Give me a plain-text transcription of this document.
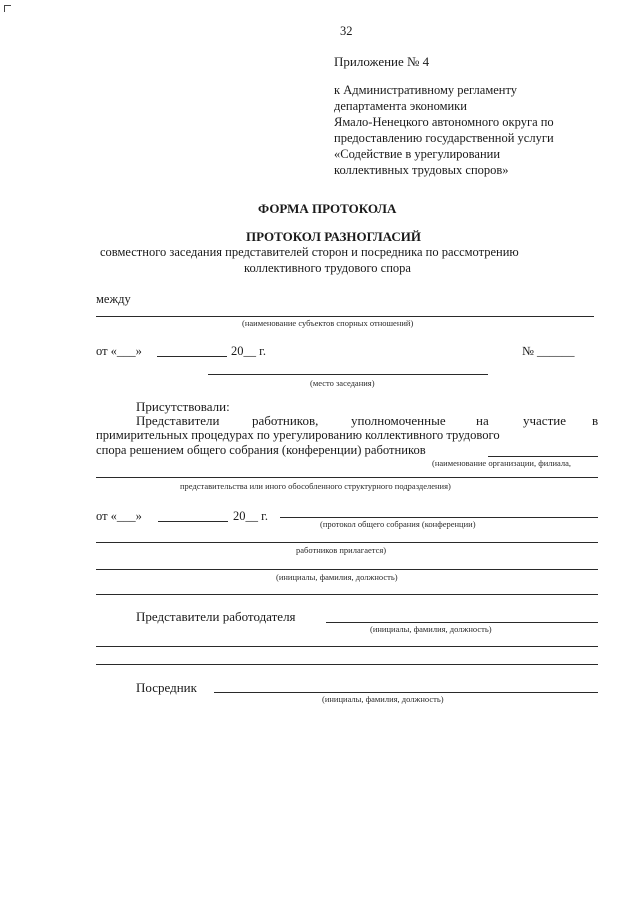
32
Приложение № 4
к Административному регламенту
департамента экономики
Ямало-Ненецкого автономного округа по
предоставлению государственной услуги
«Содействие в урегулировании
коллективных трудовых споров»
ФОРМА ПРОТОКОЛА
ПРОТОКОЛ РАЗНОГЛАСИЙ
совместного заседания представителей сторон и посредника по рассмотрению
коллективного трудового спора
между
(наименование субъектов спорных отношений)
от «___»	20__ г.	№ ______
(место заседания)
Присутствовали:
Представители	работников,	уполномоченные на	участие в
примирительных процедурах по урегулированию коллективного трудового
спора решением общего собрания (конференции) работников
(наименование организации, филиала,
представительства или иного обособленного структурного подразделения)
от «___»	20__ г.
(протокол общего собрания (конференции)
работников прилагается)
(инициалы, фамилия, должность)
Представители работодателя
(инициалы, фамилия, должность)
Посредник
(инициалы, фамилия, должность)
